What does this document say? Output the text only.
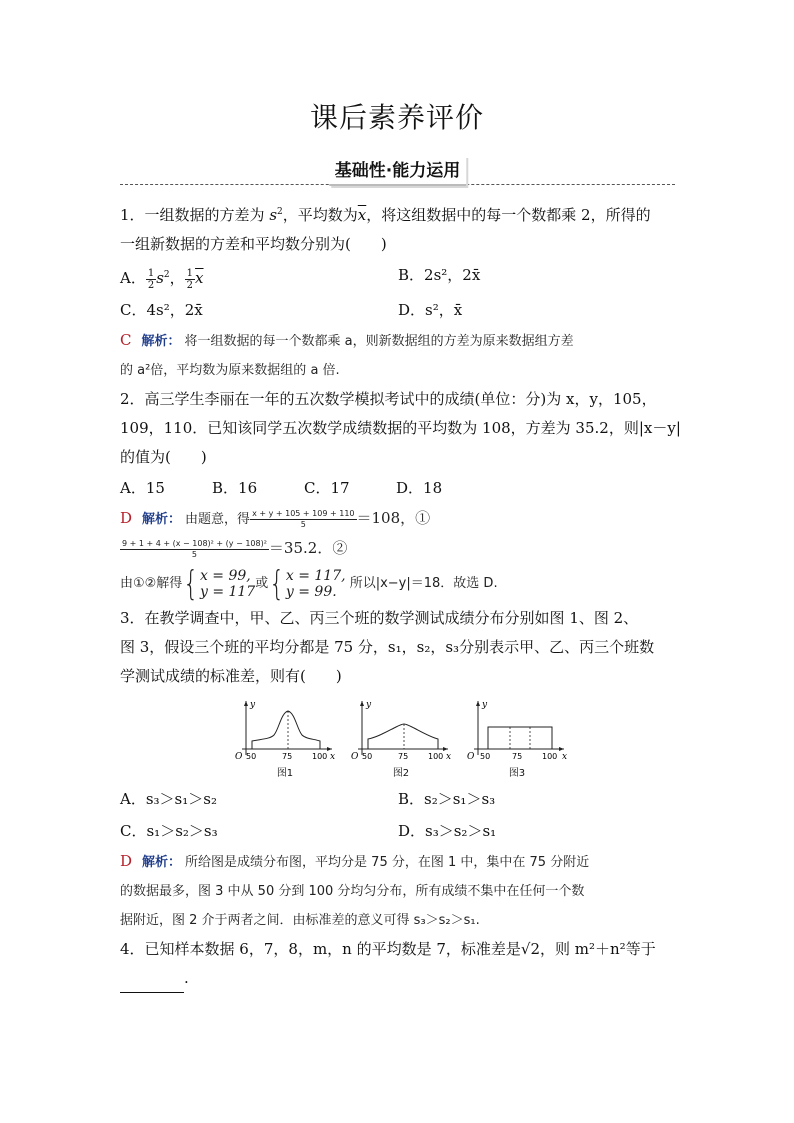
课后素养评价
基础性·能力运用
1．一组数据的方差为 $s^2$，平均数为$\overline{x}$，将这组数据中的每一个数都乘 2，所得的
一组新数据的方差和平均数分别为(　　)
A． $\frac{1}{2} s^2$， $\frac{1}{2} \overline{x}$	B．2s²，2x̄
C．4s²，2x̄	D．s²，x̄
C 解析： 将一组数据的每一个数都乘 a，则新数据组的方差为原来数据组方差
的 a²倍，平均数为原来数据组的 a 倍.
2．高三学生李丽在一年的五次数学模拟考试中的成绩(单位：分)为 x，y，105，
109，110．已知该同学五次数学成绩数据的平均数为 108，方差为 35.2，则|x－y|
的值为(　　)
A．15	B．16	C．17	D．18
D 解析： 由题意，得 $\frac{x + y + 105 + 109 + 110}{5} =108$，①
$\frac{\text{9 + 1 + 4 + (x − 108)² + (y − 108)²}}{5} =35.2$．②
由①②解得{ x = 99,
y = 117 或{ x = 117,
y = 99.	所以|x−y|＝18．故选 D.
3．在教学调查中，甲、乙、丙三个班的数学测试成绩分布分别如图 1、图 2、
图 3，假设三个班的平均分都是 75 分，s₁，s₂，s₃分别表示甲、乙、丙三个班数
学测试成绩的标准差，则有(　　)
y
O 50	75 100 x
图1
y
O 50	75 100 x
图2
y
O 50	75 100 x
图3
A．s₃＞s₁＞s₂	B．s₂＞s₁＞s₃
C．s₁＞s₂＞s₃	D．s₃＞s₂＞s₁
D 解析： 所给图是成绩分布图，平均分是 75 分，在图 1 中，集中在 75 分附近
的数据最多，图 3 中从 50 分到 100 分均匀分布，所有成绩不集中在任何一个数
据附近，图 2 介于两者之间．由标准差的意义可得 s₃＞s₂＞s₁.
4．已知样本数据 6，7，8，m，n 的平均数是 7，标准差是√2，则 m²＋n²等于
.
